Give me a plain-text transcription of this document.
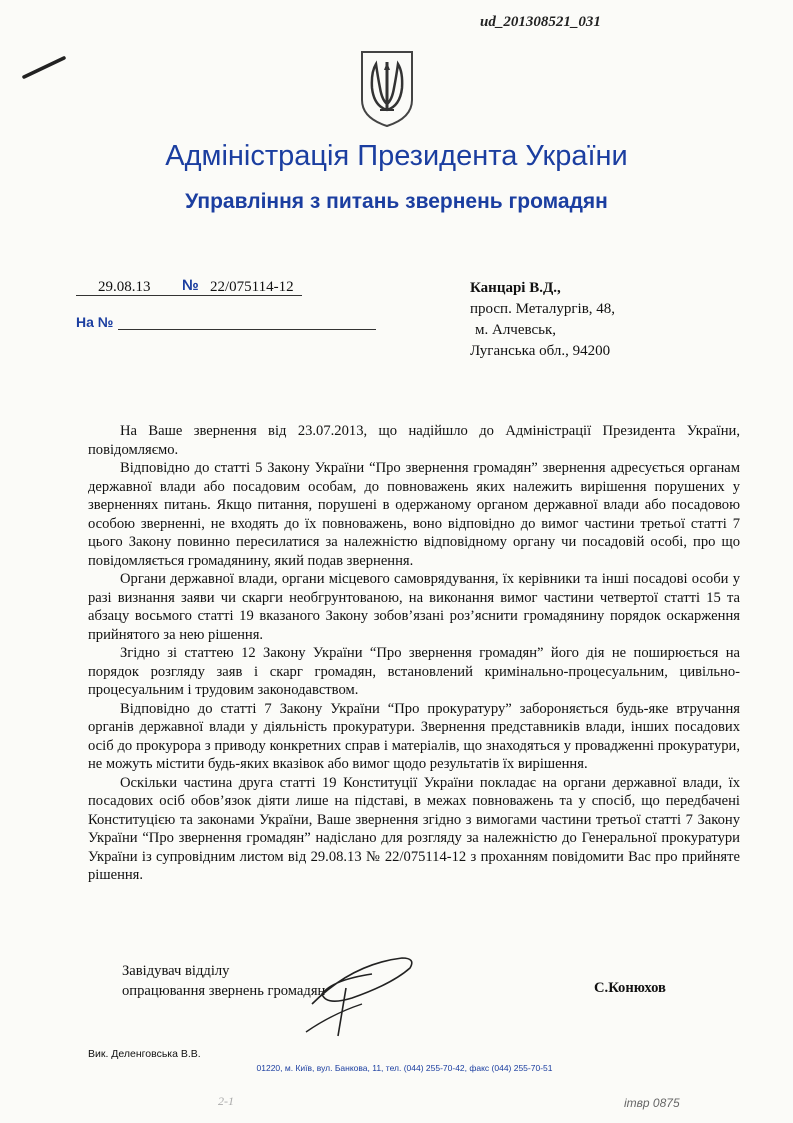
ud_201308521_031
Адміністрація Президента України
Управління з питань звернень громадян
29.08.13 № 22/075114-12
На №
Канцарі В.Д.,
просп. Металургів, 48,
м. Алчевськ,
Луганська обл., 94200

На Ваше звернення від 23.07.2013, що надійшло до Адміністрації Президента України, повідомляємо.

Відповідно до статті 5 Закону України “Про звернення громадян” звернення адресується органам державної влади або посадовим особам, до повноважень яких належить вирішення порушених у зверненнях питань. Якщо питання, порушені в одержаному органом державної влади або посадовою особою зверненні, не входять до їх повноважень, воно відповідно до вимог частини третьої статті 7 цього Закону повинно пересилатися за належністю відповідному органу чи посадовій особі, про що повідомляється громадянину, який подав звернення.

Органи державної влади, органи місцевого самоврядування, їх керівники та інші посадові особи у разі визнання заяви чи скарги необгрунтованою, на виконання вимог частини четвертої статті 15 та абзацу восьмого статті 19 вказаного Закону зобов’язані роз’яснити громадянину порядок оскарження прийнятого за нею рішення.

Згідно зі статтею 12 Закону України “Про звернення громадян” його дія не поширюється на порядок розгляду заяв і скарг громадян, встановлений кримінально-процесуальним, цивільно-процесуальним і трудовим законодавством.

Відповідно до статті 7 Закону України “Про прокуратуру” забороняється будь-яке втручання органів державної влади у діяльність прокуратури. Звернення представників влади, інших посадових осіб до прокурора з приводу конкретних справ і матеріалів, що знаходяться у провадженні прокуратури, не можуть містити будь-яких вказівок або вимог щодо результатів їх вирішення.

Оскільки частина друга статті 19 Конституції України покладає на органи державної влади, їх посадових осіб обов’язок діяти лише на підставі, в межах повноважень та у спосіб, що передбачені Конституцією та законами України, Ваше звернення згідно з вимогами частини третьої статті 7 Закону України “Про звернення громадян” надіслано для розгляду за належністю до Генеральної прокуратури України із супровідним листом від 29.08.13 № 22/075114-12 з проханням повідомити Вас про прийняте рішення.

Завідувач відділу
опрацювання звернень громадян	С.Конюхов
Вик. Деленговська В.В.
01220, м. Київ, вул. Банкова, 11, тел. (044) 255-70-42, факс (044) 255-70-51
2-1	ітвр 0875
